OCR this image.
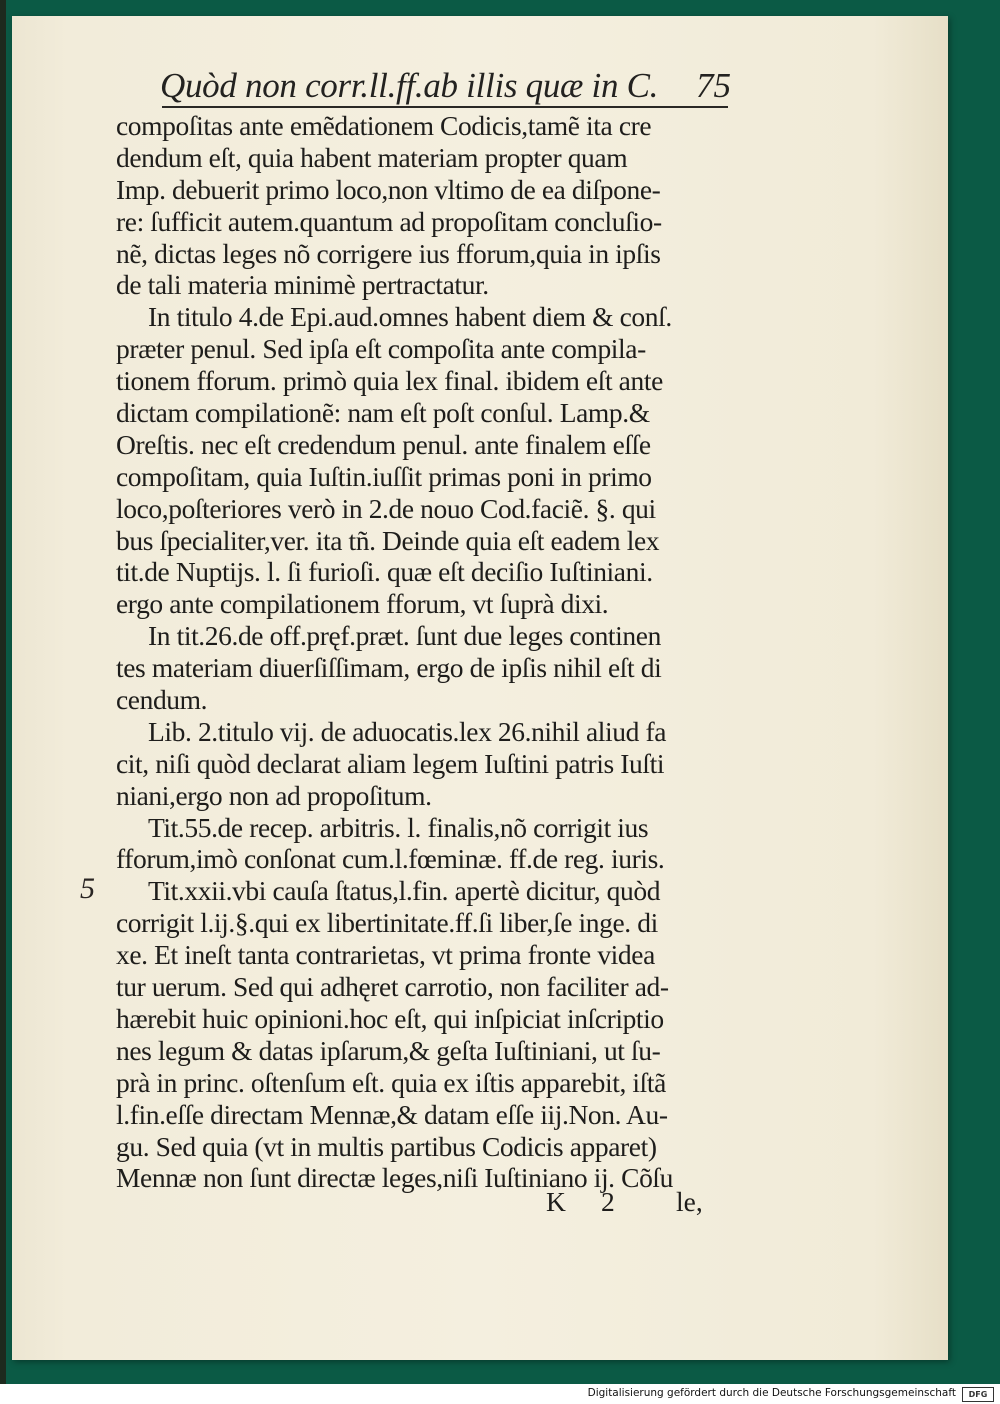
Quòd non corr.ll.ff.ab illis quæ in C. 75
5
compoſitas ante emẽdationem Codicis,tamẽ ita cre
dendum eſt, quia habent materiam propter quam
Imp. debuerit primo loco,non vltimo de ea diſpone-
re: ſufficit autem.quantum ad propoſitam concluſio-
nẽ, dictas leges nõ corrigere ius fforum,quia in ipſis
de tali materia minimè pertractatur.
In titulo 4.de Epi.aud.omnes habent diem & conſ.
præter penul. Sed ipſa eſt compoſita ante compila-
tionem fforum. primò quia lex final. ibidem eſt ante
dictam compilationẽ: nam eſt poſt conſul. Lamp.&
Oreſtis. nec eſt credendum penul. ante finalem eſſe
compoſitam, quia Iuſtin.iuſſit primas poni in primo
loco,poſteriores verò in 2.de nouo Cod.faciẽ. §. qui
bus ſpecialiter,ver. ita tñ. Deinde quia eſt eadem lex
tit.de Nuptijs. l. ſi furioſi. quæ eſt deciſio Iuſtiniani.
ergo ante compilationem fforum, vt ſuprà dixi.
In tit.26.de off.pręf.præt. ſunt due leges continen
tes materiam diuerſiſſimam, ergo de ipſis nihil eſt di
cendum.
Lib. 2.titulo vij. de aduocatis.lex 26.nihil aliud fa
cit, niſi quòd declarat aliam legem Iuſtini patris Iuſti
niani,ergo non ad propoſitum.
Tit.55.de recep. arbitris. l. finalis,nõ corrigit ius
fforum,imò conſonat cum.l.fœminæ. ff.de reg. iuris.
Tit.xxii.vbi cauſa ſtatus,l.fin. apertè dicitur, quòd
corrigit l.ij.§.qui ex libertinitate.ff.ſi liber,ſe inge. di
xe. Et ineſt tanta contrarietas, vt prima fronte videa
tur uerum. Sed qui adhęret carrotio, non faciliter ad-
hærebit huic opinioni.hoc eſt, qui inſpiciat inſcriptio
nes legum & datas ipſarum,& geſta Iuſtiniani, ut ſu-
prà in princ. oſtenſum eſt. quia ex iſtis apparebit, iſtã
l.fin.eſſe directam Mennæ,& datam eſſe iij.Non. Au-
gu. Sed quia (vt in multis partibus Codicis apparet)
Mennæ non ſunt directæ leges,niſi Iuſtiniano ij. Cõſu
K 2 le,
Digitalisierung gefördert durch die Deutsche Forschungsgemeinschaft	DFG
